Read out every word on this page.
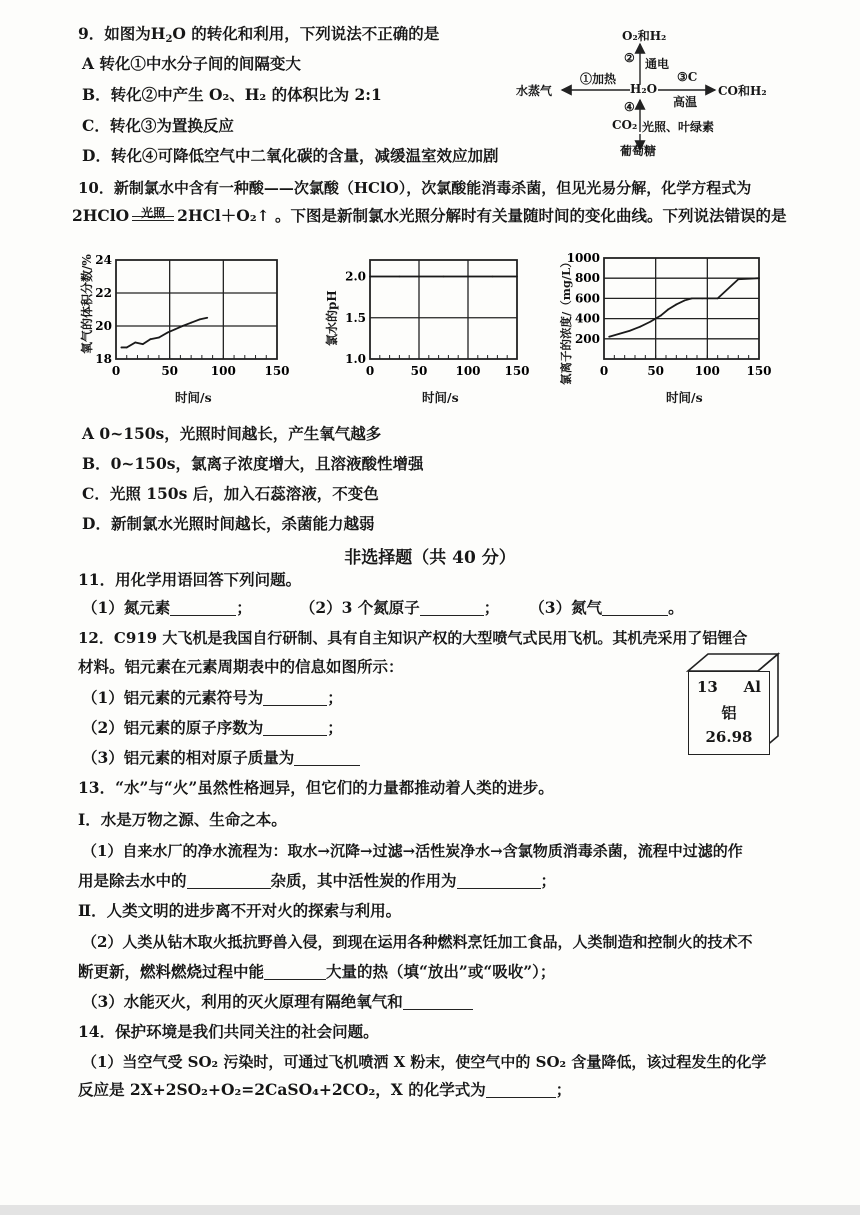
9．如图为$H_2O$ 的转化和利用，下列说法不正确的是
A 转化①中水分子间的间隔变大
B．转化②中产生 O₂、H₂ 的体积比为 2:1
C．转化③为置换反应
D．转化④可降低空气中二氧化碳的含量，减缓温室效应加剧
O₂和H₂
② 通电
水蒸气
①加热
H₂O
③C
高温
CO和H₂
④
CO₂ 光照、叶绿素
葡萄糖
10．新制氯水中含有一种酸——次氯酸（HClO），次氯酸能消毒杀菌，但见光易分解，化学方程式为
2HClO 光照 2HCl＋O₂↑ 。下图是新制氯水光照分解时有关量随时间的变化曲线。下列说法错误的是
0	50	100 150
18
20
22
24
0	50 100 150
1.0
1.5
2.0
0	50	100 150
200
400
600
800
1000
氧气的体积分数/%
时间/s
氯水的pH
时间/s
氯离子的浓度/（mg/L）
时间/s
A 0~150s，光照时间越长，产生氧气越多
B．0~150s，氯离子浓度增大，且溶液酸性增强
C．光照 150s 后，加入石蕊溶液，不变色
D．新制氯水光照时间越长，杀菌能力越弱
非选择题（共 40 分）
11．用化学用语回答下列问题。
（1）氮元素	；	（2）3 个氮原子	； （3）氮气	。
12．C919 大飞机是我国自行研制、具有自主知识产权的大型喷气式民用飞机。其机壳采用了铝锂合
材料。铝元素在元素周期表中的信息如图所示：
（1）铝元素的元素符号为	；
（2）铝元素的原子序数为	；
（3）铝元素的相对原子质量为
13 Al
铝
26.98
13．“水”与“火”虽然性格迥异，但它们的力量都推动着人类的进步。
Ⅰ．水是万物之源、生命之本。
（1）自来水厂的净水流程为：取水→沉降→过滤→活性炭净水→含氯物质消毒杀菌，流程中过滤的作
用是除去水中的	杂质，其中活性炭的作用为	；
Ⅱ．人类文明的进步离不开对火的探索与利用。
（2）人类从钻木取火抵抗野兽入侵，到现在运用各种燃料烹饪加工食品，人类制造和控制火的技术不
断更新，燃料燃烧过程中能	大量的热（填“放出”或“吸收”）；
（3）水能灭火，利用的灭火原理有隔绝氧气和
14．保护环境是我们共同关注的社会问题。
（1）当空气受 SO₂ 污染时，可通过飞机喷洒 X 粉末，使空气中的 SO₂ 含量降低，该过程发生的化学
反应是 2X+2SO₂+O₂=2CaSO₄+2CO₂，X 的化学式为	；
